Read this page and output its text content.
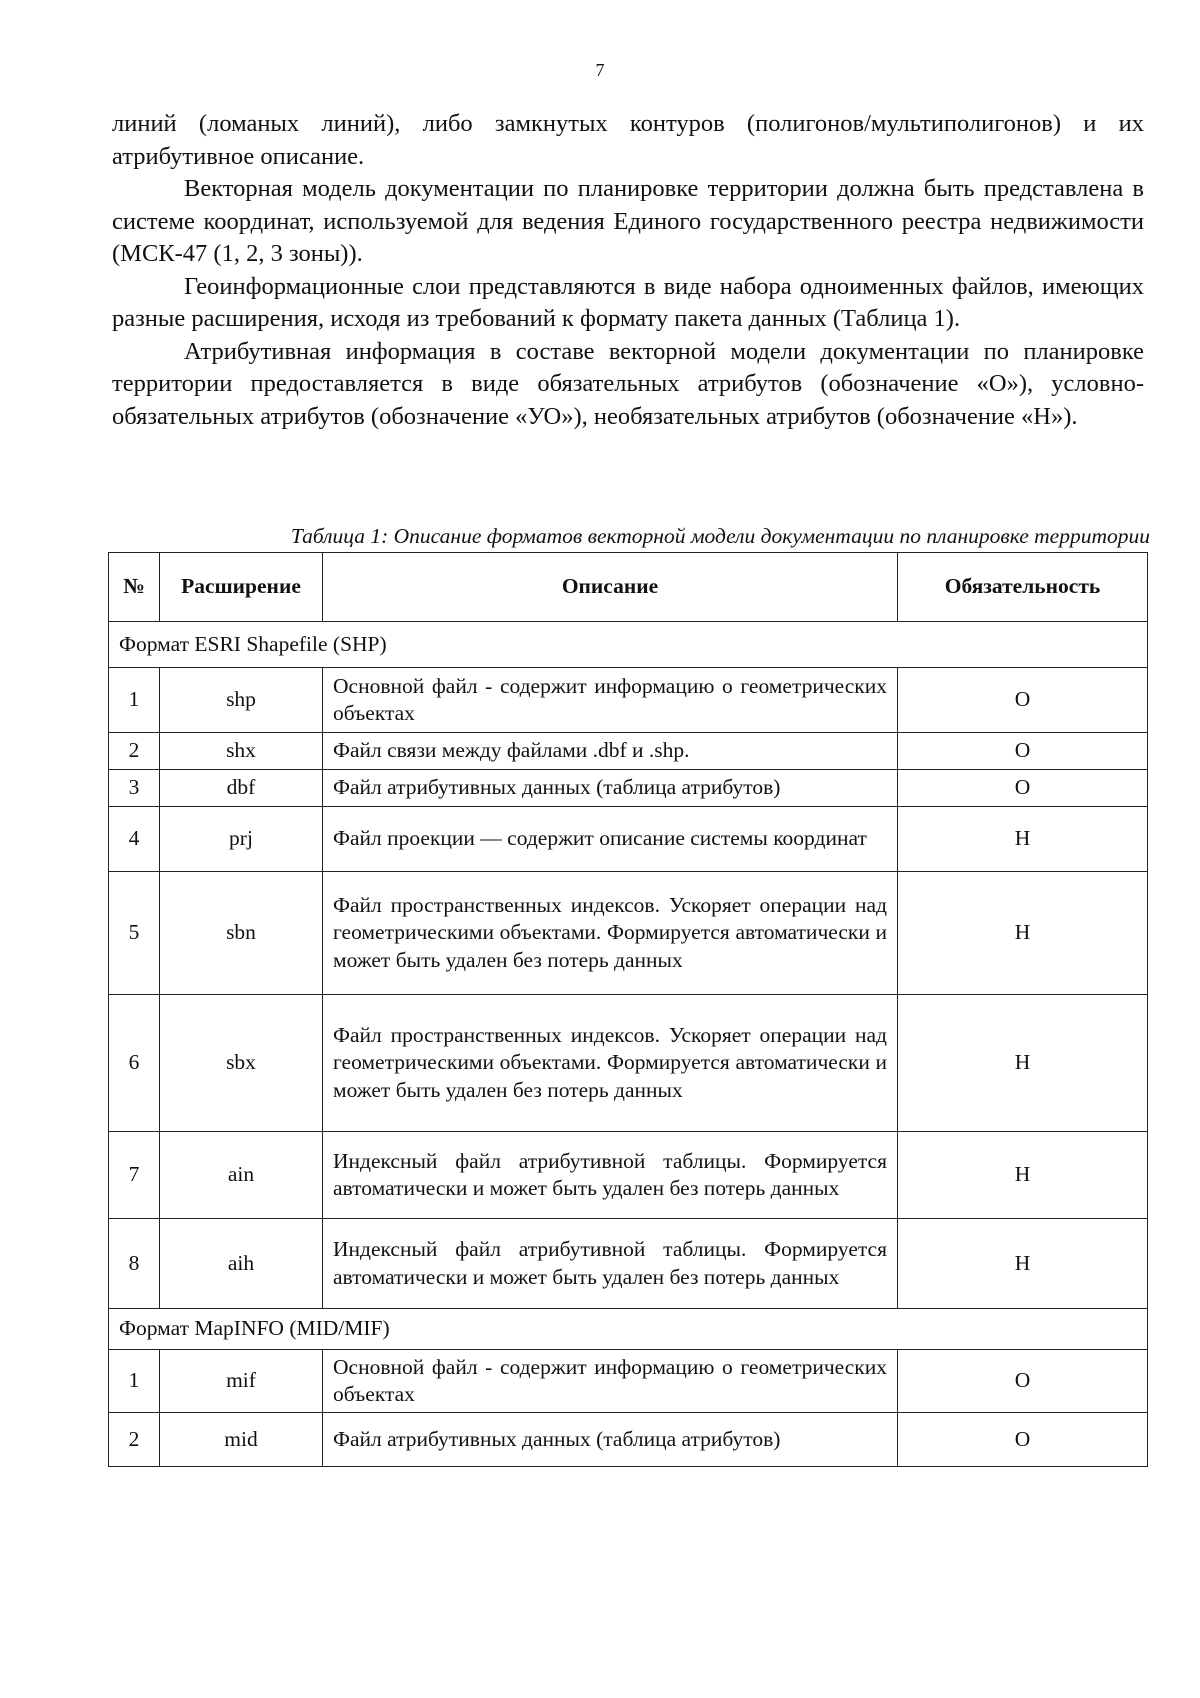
7

линий (ломаных линий), либо замкнутых контуров (полигонов/мультиполигонов) и их атрибутивное описание.

Векторная модель документации по планировке территории должна быть представлена в системе координат, используемой для ведения Единого государственного реестра недвижимости (МСК-47 (1, 2, 3 зоны)).

Геоинформационные слои представляются в виде набора одноименных файлов, имеющих разные расширения, исходя из требований к формату пакета данных (Таблица 1).

Атрибутивная информация в составе векторной модели документации по планировке территории предоставляется в виде обязательных атрибутов (обозначение «О»), условно-обязательных атрибутов (обозначение «УО»), необязательных атрибутов (обозначение «Н»).

Таблица 1: Описание форматов векторной модели документации по планировке территории
№	Расширение	Описание	Обязательность
Формат ESRI Shapefile (SHP)			
1	shp	Основной файл - содержит информацию о геометрических объектах	О
2	shx	Файл связи между файлами .dbf и .shp.	О
3	dbf	Файл атрибутивных данных (таблица атрибутов)	О
4	prj	Файл проекции — содержит описание системы координат	Н
5	sbn	Файл пространственных индексов. Ускоряет операции над геометрическими объектами. Формируется автоматически и может быть удален без потерь данных	Н
6	sbx	Файл пространственных индексов. Ускоряет операции над геометрическими объектами. Формируется автоматически и может быть удален без потерь данных	Н
7	ain	Индексный файл атрибутивной таблицы. Формируется автоматически и может быть удален без потерь данных	Н
8	aih	Индексный файл атрибутивной таблицы. Формируется автоматически и может быть удален без потерь данных	Н
Формат MapINFO (MID/MIF)			
1	mif	Основной файл - содержит информацию о геометрических объектах	О
2	mid	Файл атрибутивных данных (таблица атрибутов)	О
